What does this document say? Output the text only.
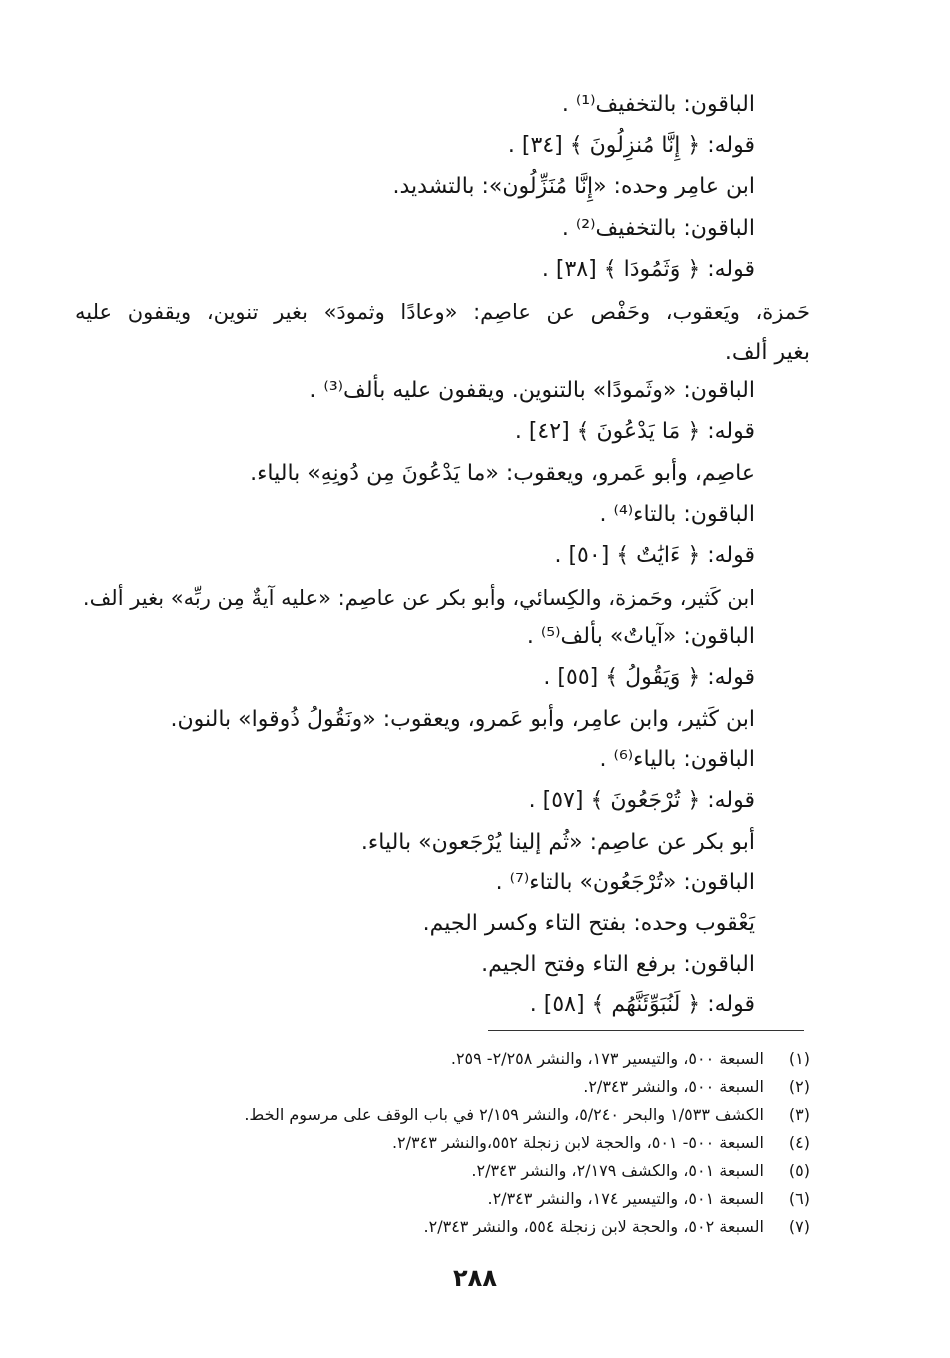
الباقون: بالتخفيف⁽¹⁾ .
قوله: ﴿ إِنَّا مُنزِلُونَ ﴾ [٣٤] .
ابن عامِر وحده: «إِنَّا مُنَزِّلُون»: بالتشديد.
الباقون: بالتخفيف⁽²⁾ .
قوله: ﴿ وَثَمُودَا ﴾ [٣٨] .
حَمزة، ويَعقوب، وحَفْص عن عاصِم: «وعادًا وثمودَ» بغير تنوين، ويقفون عليه
بغير ألف.
الباقون: «وثَمودًا» بالتنوين. ويقفون عليه بألف⁽³⁾ .
قوله: ﴿ مَا يَدْعُونَ ﴾ [٤٢] .
عاصِم، وأبو عَمرو، ويعقوب: «ما يَدْعُونَ مِن دُونِهِ» بالياء.
الباقون: بالتاء⁽⁴⁾ .
قوله: ﴿ ءَايَٰتٌ ﴾ [٥٠] .
ابن كَثير، وحَمزة، والكِسائي، وأبو بكر عن عاصِم: «عليه آيةٌ مِن ربِّه» بغير ألف.
الباقون: «آياتٌ» بألف⁽⁵⁾ .
قوله: ﴿ وَيَقُولُ ﴾ [٥٥] .
ابن كَثير، وابن عامِر، وأبو عَمرو، ويعقوب: «ونَقُولُ ذُوقوا» بالنون.
الباقون: بالياء⁽⁶⁾ .
قوله: ﴿ تُرْجَعُونَ ﴾ [٥٧] .
أبو بكر عن عاصِم: «ثُم إلينا يُرْجَعون» بالياء.
الباقون: «تُرْجَعُون» بالتاء⁽⁷⁾ .
يَعْقوب وحده: بفتح التاء وكسر الجيم.
الباقون: برفع التاء وفتح الجيم.
قوله: ﴿ لَنُبَوِّئَنَّهُم ﴾ [٥٨] .
(١)السبعة ٥٠٠، والتيسير ١٧٣، والنشر ٢/٢٥٨- ٢٥٩.
(٢)السبعة ٥٠٠، والنشر ٢/٣٤٣.
(٣)الكشف ١/٥٣٣ والبحر ٥/٢٤٠، والنشر ٢/١٥٩ في باب الوقف على مرسوم الخط.
(٤)السبعة ٥٠٠- ٥٠١، والحجة لابن زنجلة ٥٥٢،والنشر ٢/٣٤٣.
(٥)السبعة ٥٠١، والكشف ٢/١٧٩، والنشر ٢/٣٤٣.
(٦)السبعة ٥٠١، والتيسير ١٧٤، والنشر ٢/٣٤٣.
(٧)السبعة ٥٠٢، والحجة لابن زنجلة ٥٥٤، والنشر ٢/٣٤٣.
٢٨٨
